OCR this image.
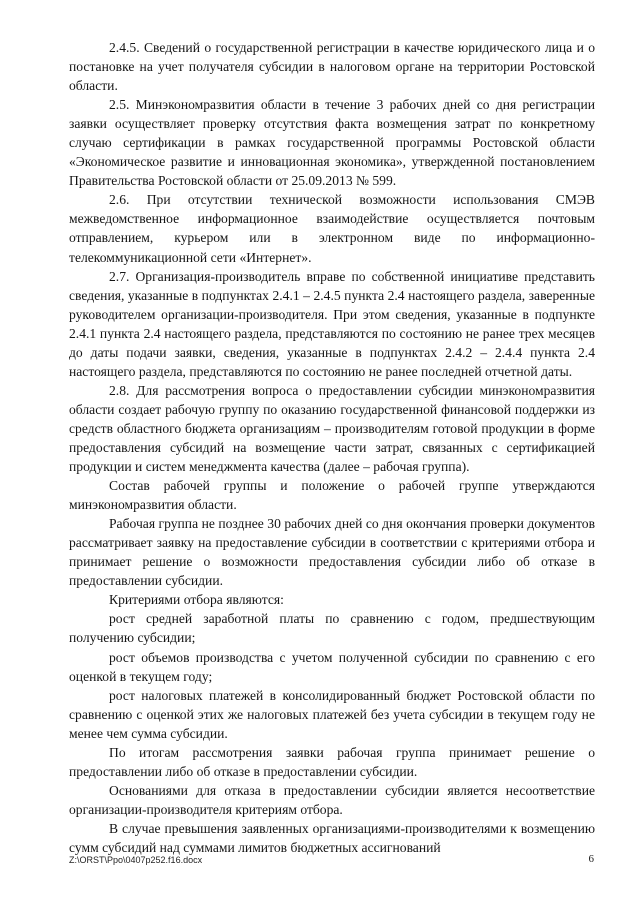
2.4.5. Сведений о государственной регистрации в качестве юридического лица и о постановке на учет получателя субсидии в налоговом органе на территории Ростовской области.

2.5. Минэкономразвития области в течение 3 рабочих дней со дня регистрации заявки осуществляет проверку отсутствия факта возмещения затрат по конкретному случаю сертификации в рамках государственной программы Ростовской области «Экономическое развитие и инновационная экономика», утвержденной постановлением Правительства Ростовской области от 25.09.2013 № 599.

2.6. При отсутствии технической возможности использования СМЭВ межведомственное информационное взаимодействие осуществляется почтовым отправлением, курьером или в электронном виде по информационно-телекоммуникационной сети «Интернет».

2.7. Организация-производитель вправе по собственной инициативе представить сведения, указанные в подпунктах 2.4.1 – 2.4.5 пункта 2.4 настоящего раздела, заверенные руководителем организации-производителя. При этом сведения, указанные в подпункте 2.4.1 пункта 2.4 настоящего раздела, представляются по состоянию не ранее трех месяцев до даты подачи заявки, сведения, указанные в подпунктах 2.4.2 – 2.4.4 пункта 2.4 настоящего раздела, представляются по состоянию не ранее последней отчетной даты.

2.8. Для рассмотрения вопроса о предоставлении субсидии минэкономразвития области создает рабочую группу по оказанию государственной финансовой поддержки из средств областного бюджета организациям – производителям готовой продукции в форме предоставления субсидий на возмещение части затрат, связанных с сертификацией продукции и систем менеджмента качества (далее – рабочая группа).

Состав рабочей группы и положение о рабочей группе утверждаются минэкономразвития области.

Рабочая группа не позднее 30 рабочих дней со дня окончания проверки документов рассматривает заявку на предоставление субсидии в соответствии с критериями отбора и принимает решение о возможности предоставления субсидии либо об отказе в предоставлении субсидии.

Критериями отбора являются:

рост средней заработной платы по сравнению с годом, предшествующим получению субсидии;

рост объемов производства с учетом полученной субсидии по сравнению с его оценкой в текущем году;

рост налоговых платежей в консолидированный бюджет Ростовской области по сравнению с оценкой этих же налоговых платежей без учета субсидии в текущем году не менее чем сумма субсидии.

По итогам рассмотрения заявки рабочая группа принимает решение о предоставлении либо об отказе в предоставлении субсидии.

Основаниями для отказа в предоставлении субсидии является несоответствие организации-производителя критериям отбора.

В случае превышения заявленных организациями-производителями к возмещению сумм субсидий над суммами лимитов бюджетных ассигнований

Z:\ORST\Ppo\0407p252.f16.docx	6
